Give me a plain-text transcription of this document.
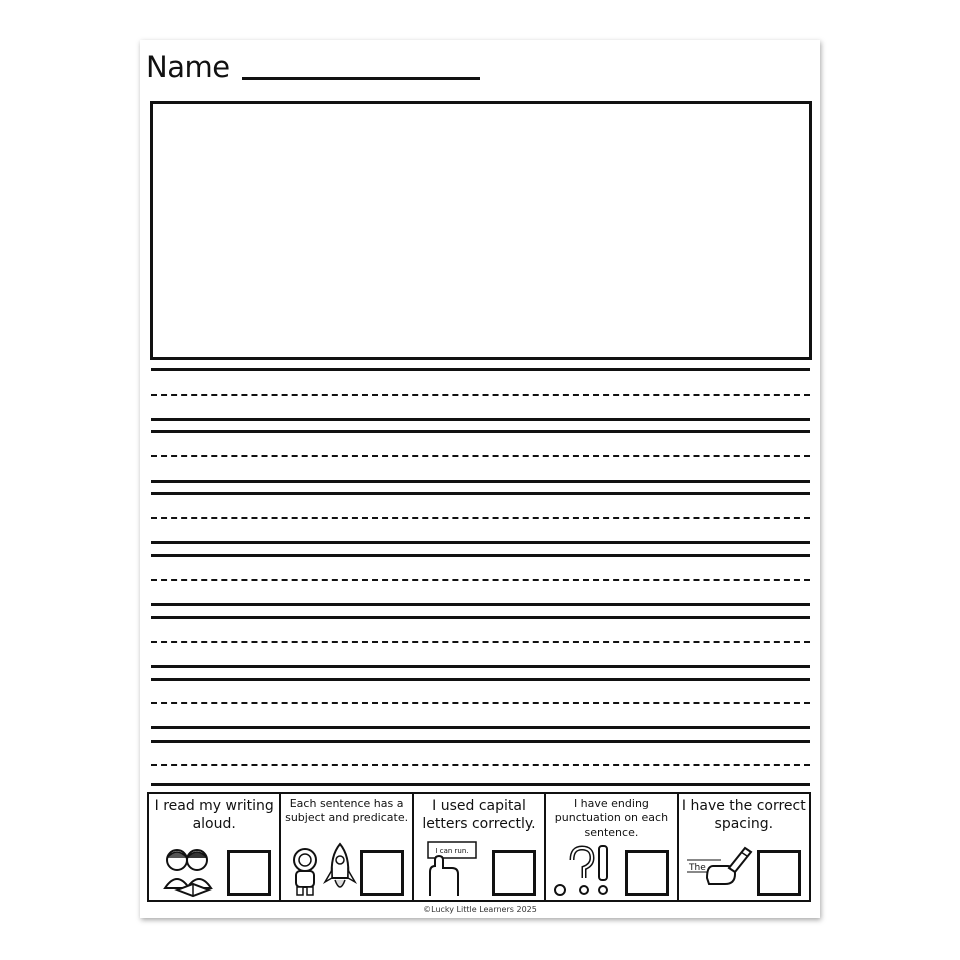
Name
I read my writing aloud.
Each sentence has a subject and predicate.
I used capital letters correctly.
I can run.
I have ending punctuation on each sentence.
I have the correct spacing.
The
©Lucky Little Learners 2025
